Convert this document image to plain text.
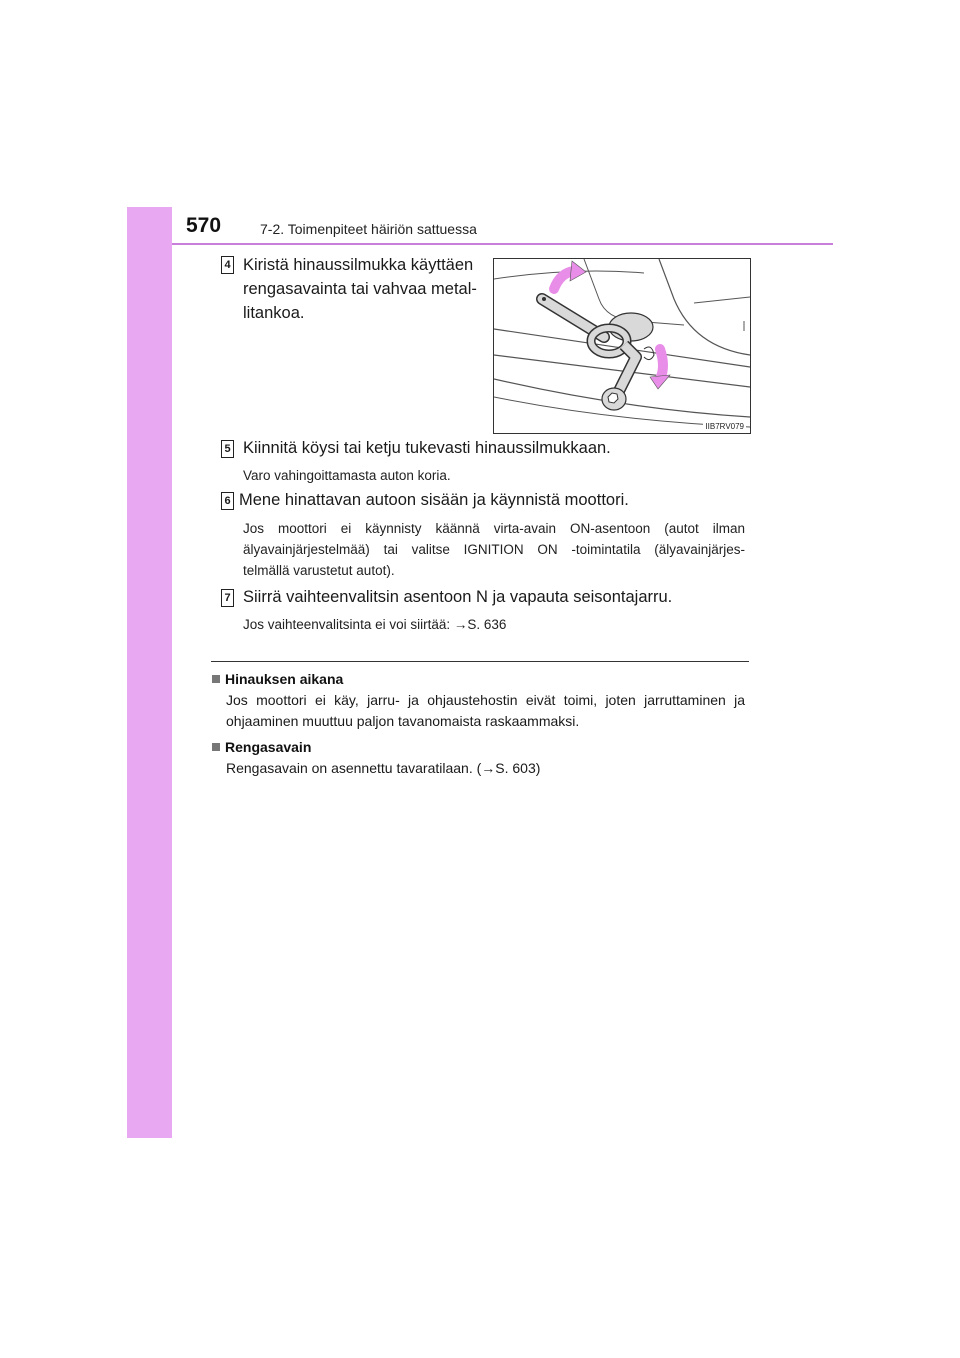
570	7-2. Toimenpiteet häiriön sattuessa
4 Kiristä hinaussilmukka käyttäen
rengasavainta tai vahvaa metal-
litankoa.
IIB7RV079
5 Kiinnitä köysi tai ketju tukevasti hinaussilmukkaan.
Varo vahingoittamasta auton koria.
6 Mene hinattavan autoon sisään ja käynnistä moottori.
Jos moottori ei käynnisty käännä virta-avain ON-asentoon (autot ilman
älyavainjärjestelmää) tai valitse IGNITION ON -toimintatila (älyavainjärjes-
telmällä varustetut autot).
7 Siirrä vaihteenvalitsin asentoon N ja vapauta seisontajarru.
Jos vaihteenvalitsinta ei voi siirtää: →S. 636
Hinauksen aikana
Jos moottori ei käy, jarru- ja ohjaustehostin eivät toimi, joten jarruttaminen ja
ohjaaminen muuttuu paljon tavanomaista raskaammaksi.
Rengasavain
Rengasavain on asennettu tavaratilaan. (→S. 603)
